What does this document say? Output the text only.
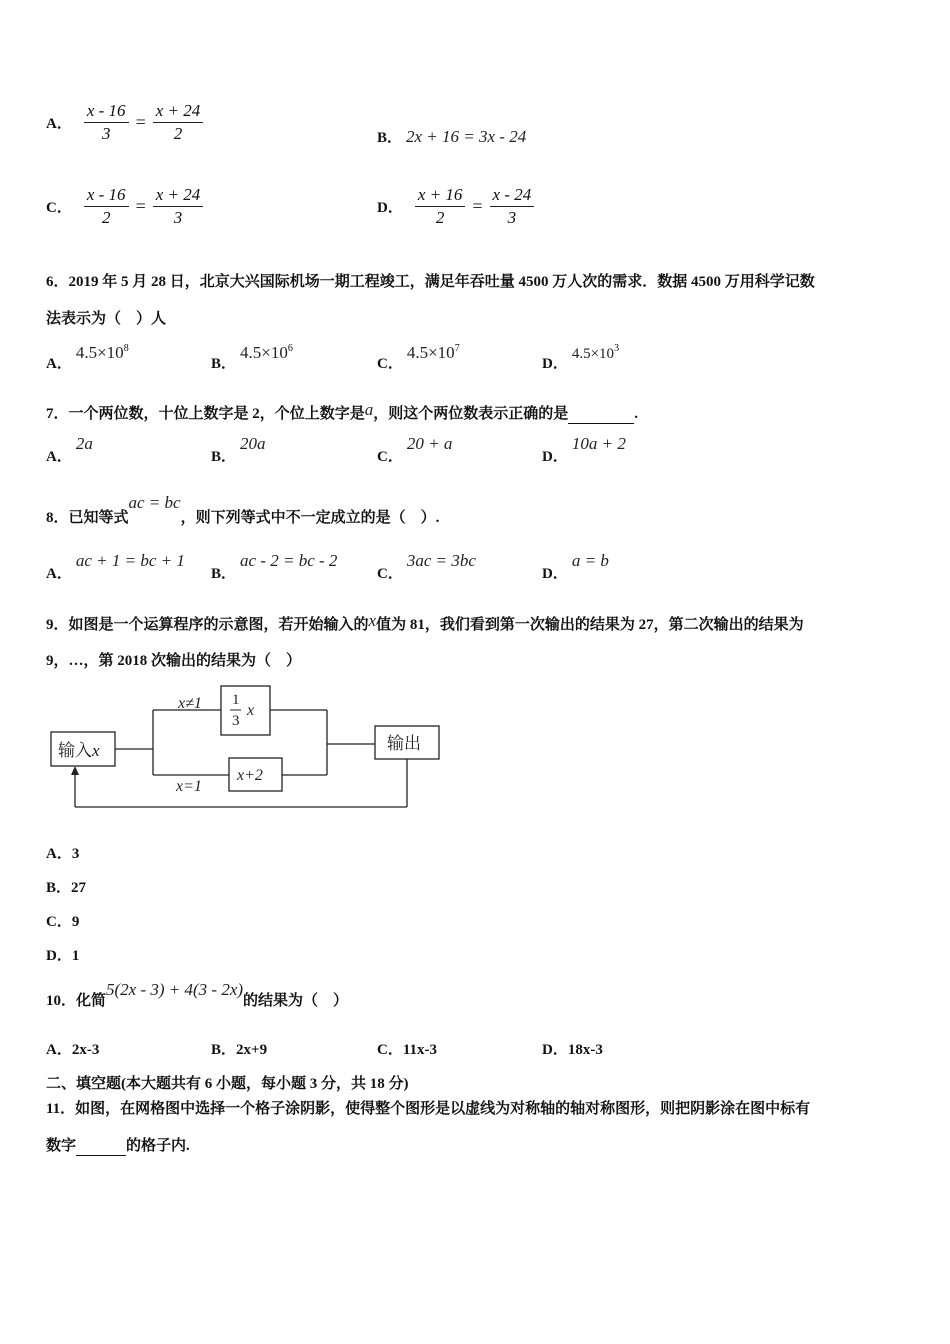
A． $\frac{x - 16}{3} = \frac{x + 24}{2}$	B． 2x + 16 = 3x - 24
C． $\frac{x - 16}{2} = \frac{x + 24}{3}$	D． $\frac{x + 16}{2} = \frac{x - 24}{3}$
6．2019 年 5 月 28 日，北京大兴国际机场一期工程竣工，满足年吞吐量 4500 万人次的需求．数据 4500 万用科学记数
法表示为（　）人
A． $4.5\times 10^8$
B． $4.5\times 10^6$
C． $4.5\times 10^7$
D． $4.5\times 10^3$
7．一个两位数，十位上数字是 2，个位上数字是a，则这个两位数表示正确的是	.
A． 2a
B． 20a
C． 20 + a
D． 10a + 2
8．已知等式ac = bc，则下列等式中不一定成立的是（　）.
A． ac + 1 = bc + 1
B． ac - 2 = bc - 2
C． 3ac = 3bc
D． a = b
9．如图是一个运算程序的示意图，若开始输入的x值为 81，我们看到第一次输出的结果为 27，第二次输出的结果为
9，…，第 2018 次输出的结果为（　）
输入x
x≠1 1
3
x
x+2
x=1
输出
A．3
B．27
C．9
D．1
10．化简5(2x - 3) + 4(3 - 2x)的结果为（　）
A．2x-3	B．2x+9	C．11x-3	D．18x-3
二、填空题(本大题共有 6 小题，每小题 3 分，共 18 分)
11．如图，在网格图中选择一个格子涂阴影，使得整个图形是以虚线为对称轴的轴对称图形，则把阴影涂在图中标有
数字	的格子内.
